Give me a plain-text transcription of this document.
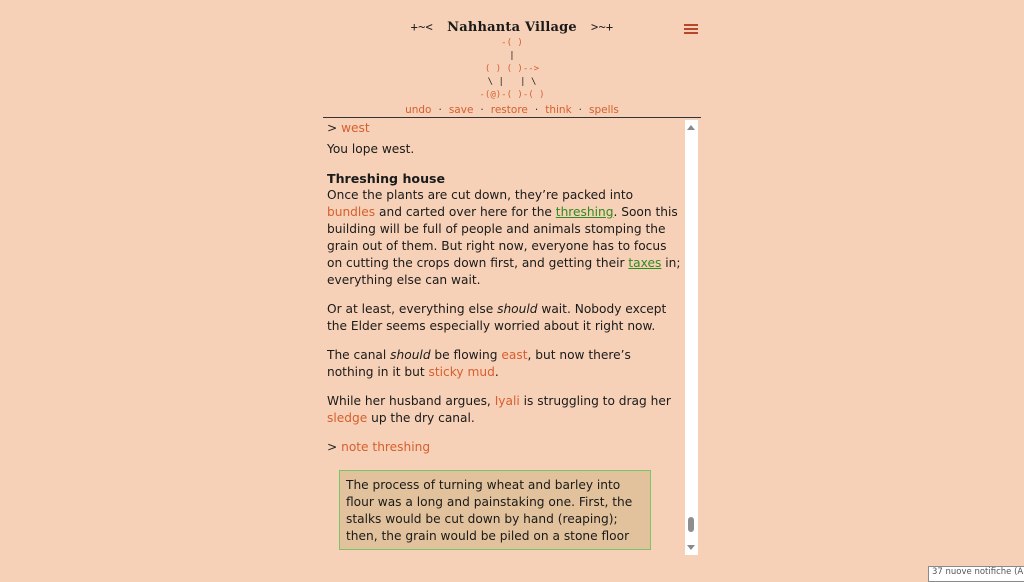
+~< Nahhanta Village >~+
-( )
|
( ) ( )-->
\ |   | \
-(@)-( )-( )
undo · save · restore · think · spells
> west

You lope west.

Threshing house

Once the plants are cut down, they’re packed into bundles and carted over here for the threshing. Soon this building will be full of people and animals stomping the grain out of them. But right now, everyone has to focus on cutting the crops down first, and getting their taxes in; everything else can wait.

Or at least, everything else should wait. Nobody except the Elder seems especially worried about it right now.

The canal should be flowing east, but now there’s nothing in it but sticky mud.

While her husband argues, Iyali is struggling to drag her sledge up the dry canal.

> note threshing
The process of turning wheat and barley into flour was a long and painstaking one. First, the stalks would be cut down by hand (reaping); then, the grain would be piled on a stone floor
37 nuove notifiche (A
